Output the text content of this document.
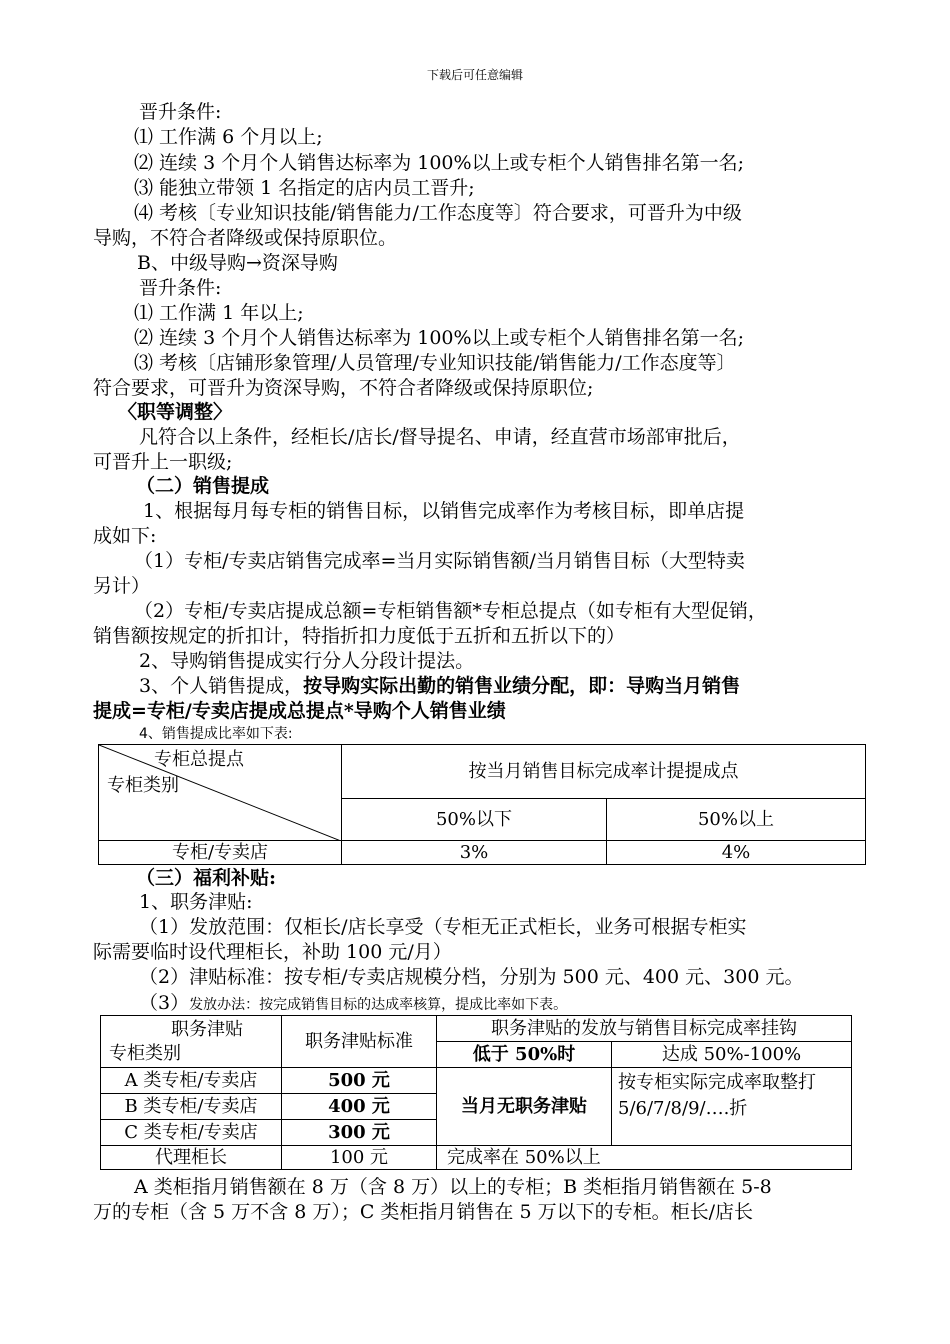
下载后可任意编辑
晋升条件:
⑴ 工作满 6 个月以上;
⑵ 连续 3 个月个人销售达标率为 100%以上或专柜个人销售排名第一名;
⑶ 能独立带领 1 名指定的店内员工晋升;
⑷ 考核〔专业知识技能/销售能力/工作态度等〕符合要求，可晋升为中级
导购，不符合者降级或保持原职位。
B、中级导购→资深导购
晋升条件:
⑴ 工作满 1 年以上;
⑵ 连续 3 个月个人销售达标率为 100%以上或专柜个人销售排名第一名;
⑶ 考核〔店铺形象管理/人员管理/专业知识技能/销售能力/工作态度等〕
符合要求，可晋升为资深导购，不符合者降级或保持原职位;
〈职等调整〉
凡符合以上条件，经柜长/店长/督导提名、申请，经直营市场部审批后，
可晋升上一职级;
（二）销售提成
1、根据每月每专柜的销售目标，以销售完成率作为考核目标，即单店提
成如下:
（1）专柜/专卖店销售完成率=当月实际销售额/当月销售目标（大型特卖
另计）
（2）专柜/专卖店提成总额=专柜销售额*专柜总提点（如专柜有大型促销，
销售额按规定的折扣计，特指折扣力度低于五折和五折以下的）
2、导购销售提成实行分人分段计提法。
3、个人销售提成，按导购实际出勤的销售业绩分配，即：导购当月销售
提成=专柜/专卖店提成总提点*导购个人销售业绩
4、销售提成比率如下表:
专柜总提点
专柜类别	按当月销售目标完成率计提提成点	
	50%以下	50%以上
专柜/专卖店	3%	4%
（三）福利补贴:
1、职务津贴:
（1）发放范围：仅柜长/店长享受（专柜无正式柜长，业务可根据专柜实
际需要临时设代理柜长，补助 100 元/月）
（2）津贴标准：按专柜/专卖店规模分档，分别为 500 元、400 元、300 元。
（3）发放办法：按完成销售目标的达成率核算，提成比率如下表。
职务津贴
专柜类别	职务津贴标准	职务津贴的发放与销售目标完成率挂钩	
		低于 50%时	达成 50%-100%
A 类专柜/专卖店	500 元	当月无职务津贴	按专柜实际完成率取整打 5/6/7/8/9/….折
B 类专柜/专卖店	400 元		
C 类专柜/专卖店	300 元		
代理柜长	100 元	完成率在 50%以上	
A 类柜指月销售额在 8 万（含 8 万）以上的专柜；B 类柜指月销售额在 5-8
万的专柜（含 5 万不含 8 万）；C 类柜指月销售在 5 万以下的专柜。柜长/店长
